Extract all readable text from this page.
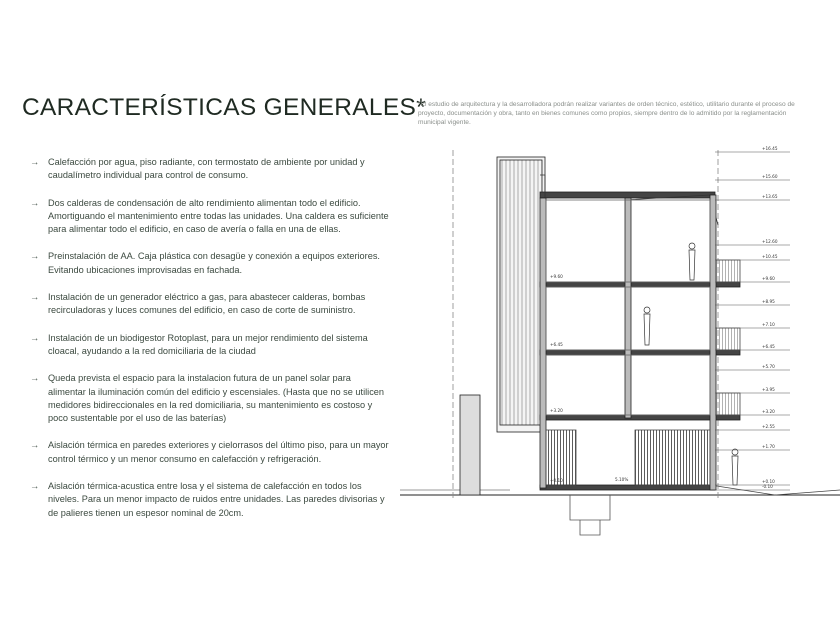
CARACTERÍSTICAS GENERALES*
*El estudio de arquitectura y la desarrolladora podrán realizar variantes de orden técnico, estético, utilitario durante el proceso de proyecto, documentación y obra, tanto en bienes comunes como propios, siempre dentro de lo admitido por la reglamentación municipal vigente.
→ Calefacción por agua, piso radiante, con termostato de ambiente por unidad y caudalímetro individual para control de consumo.
→ Dos calderas de condensación de alto rendimiento alimentan todo el edificio. Amortiguando el mantenimiento entre todas las unidades. Una caldera es suficiente para alimentar todo el edificio, en caso de avería o falla en una de ellas.
→ Preinstalación de AA. Caja plástica con desagüe y conexión a equipos exteriores. Evitando ubicaciones improvisadas en fachada.
→ Instalación de un generador eléctrico a gas, para abastecer calderas, bombas recirculadoras y luces comunes del edificio, en caso de corte de suministro.
→ Instalación de un biodigestor Rotoplast, para un mejor rendimiento del sistema cloacal, ayudando a la red domiciliaria de la ciudad
→ Queda prevista el espacio para la instalacion futura de un panel solar para alimentar la iluminación común del edificio y escensiales. (Hasta que no se utilicen medidores bidireccionales en la red domiciliaria, su mantenimiento es costoso y poco sustentable por el uso de las baterías)
→ Aislación térmica en paredes exteriores y cielorrasos del último piso, para un mayor control térmico y un menor consumo en calefacción y refrigeración.
→ Aislación térmica-acustica entre losa y el sistema de calefacción en todos los niveles. Para un menor impacto de ruidos entre unidades. Las paredes divisorias y de palieres tienen un espesor nominal de 20cm.
+16.45
+15.60
+13.65
+12.60
+10.45
+9.60
+8.95
+7.10
+6.45
+5.70
+3.95
+3.20
+2.55
+1.70
+0.10
-0.10
+9.60
+6.45
+3.20
+0.10	5.10%
